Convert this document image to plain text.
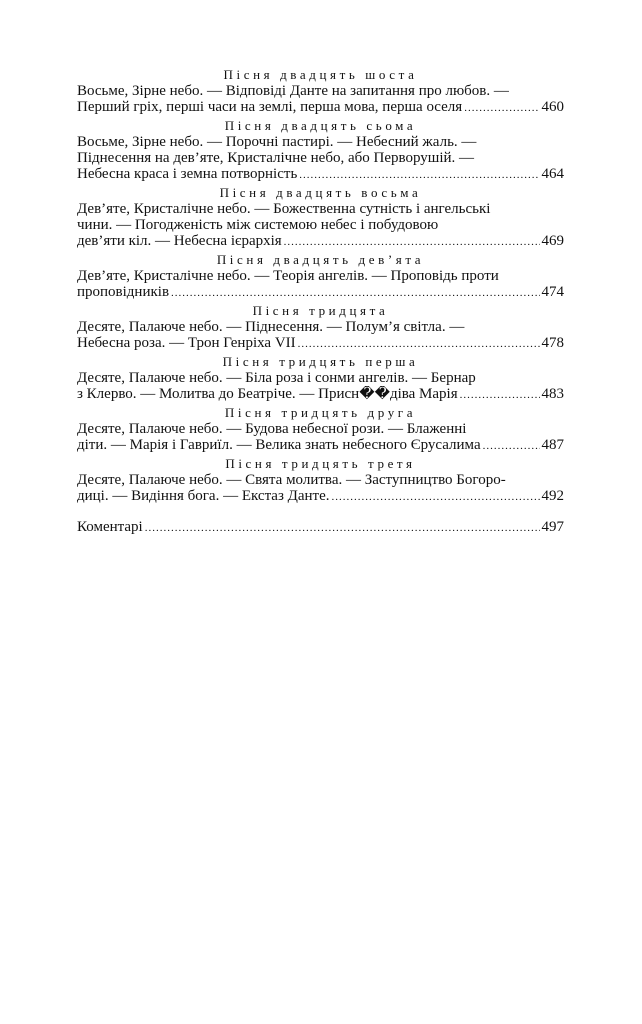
Пісня двадцять шоста
Восьме, Зірне небо. — Відповіді Данте на запитання про любов. —
Перший гріх, перші часи на землі, перша мова, перша оселя .....	460
Пісня двадцять сьома
Восьме, Зірне небо. — Порочні пастирі. — Небесний жаль. —
Піднесення на дев’яте, Кристалічне небо, або Перворушій. —
Небесна краса і земна потворність .....	464
Пісня двадцять восьма
Дев’яте, Кристалічне небо. — Божественна сутність і ангельські
чини. — Погодженість між системою небес і побудовою
дев’яти кіл. — Небесна ієрархія .....	469
Пісня двадцять дев’ята
Дев’яте, Кристалічне небо. — Теорія ангелів. — Проповідь проти
проповідників .....	474
Пісня тридцята
Десяте, Палаюче небо. — Піднесення. — Полум’я світла. —
Небесна роза. — Трон Генріха VII .....	478
Пісня тридцять перша
Десяте, Палаюче небо. — Біла роза і сонми ангелів. — Бернар
з Клерво. — Молитва до Беатріче. — Присн��діва Марія .....	483
Пісня тридцять друга
Десяте, Палаюче небо. — Будова небесної рози. — Блаженні
діти. — Марія і Гавриїл. — Велика знать небесного Єрусалима .....	487
Пісня тридцять третя
Десяте, Палаюче небо. — Свята молитва. — Заступництво Богоро-
диці. — Видіння бога. — Екстаз Данте. .....	492
Коментарі .....	497
